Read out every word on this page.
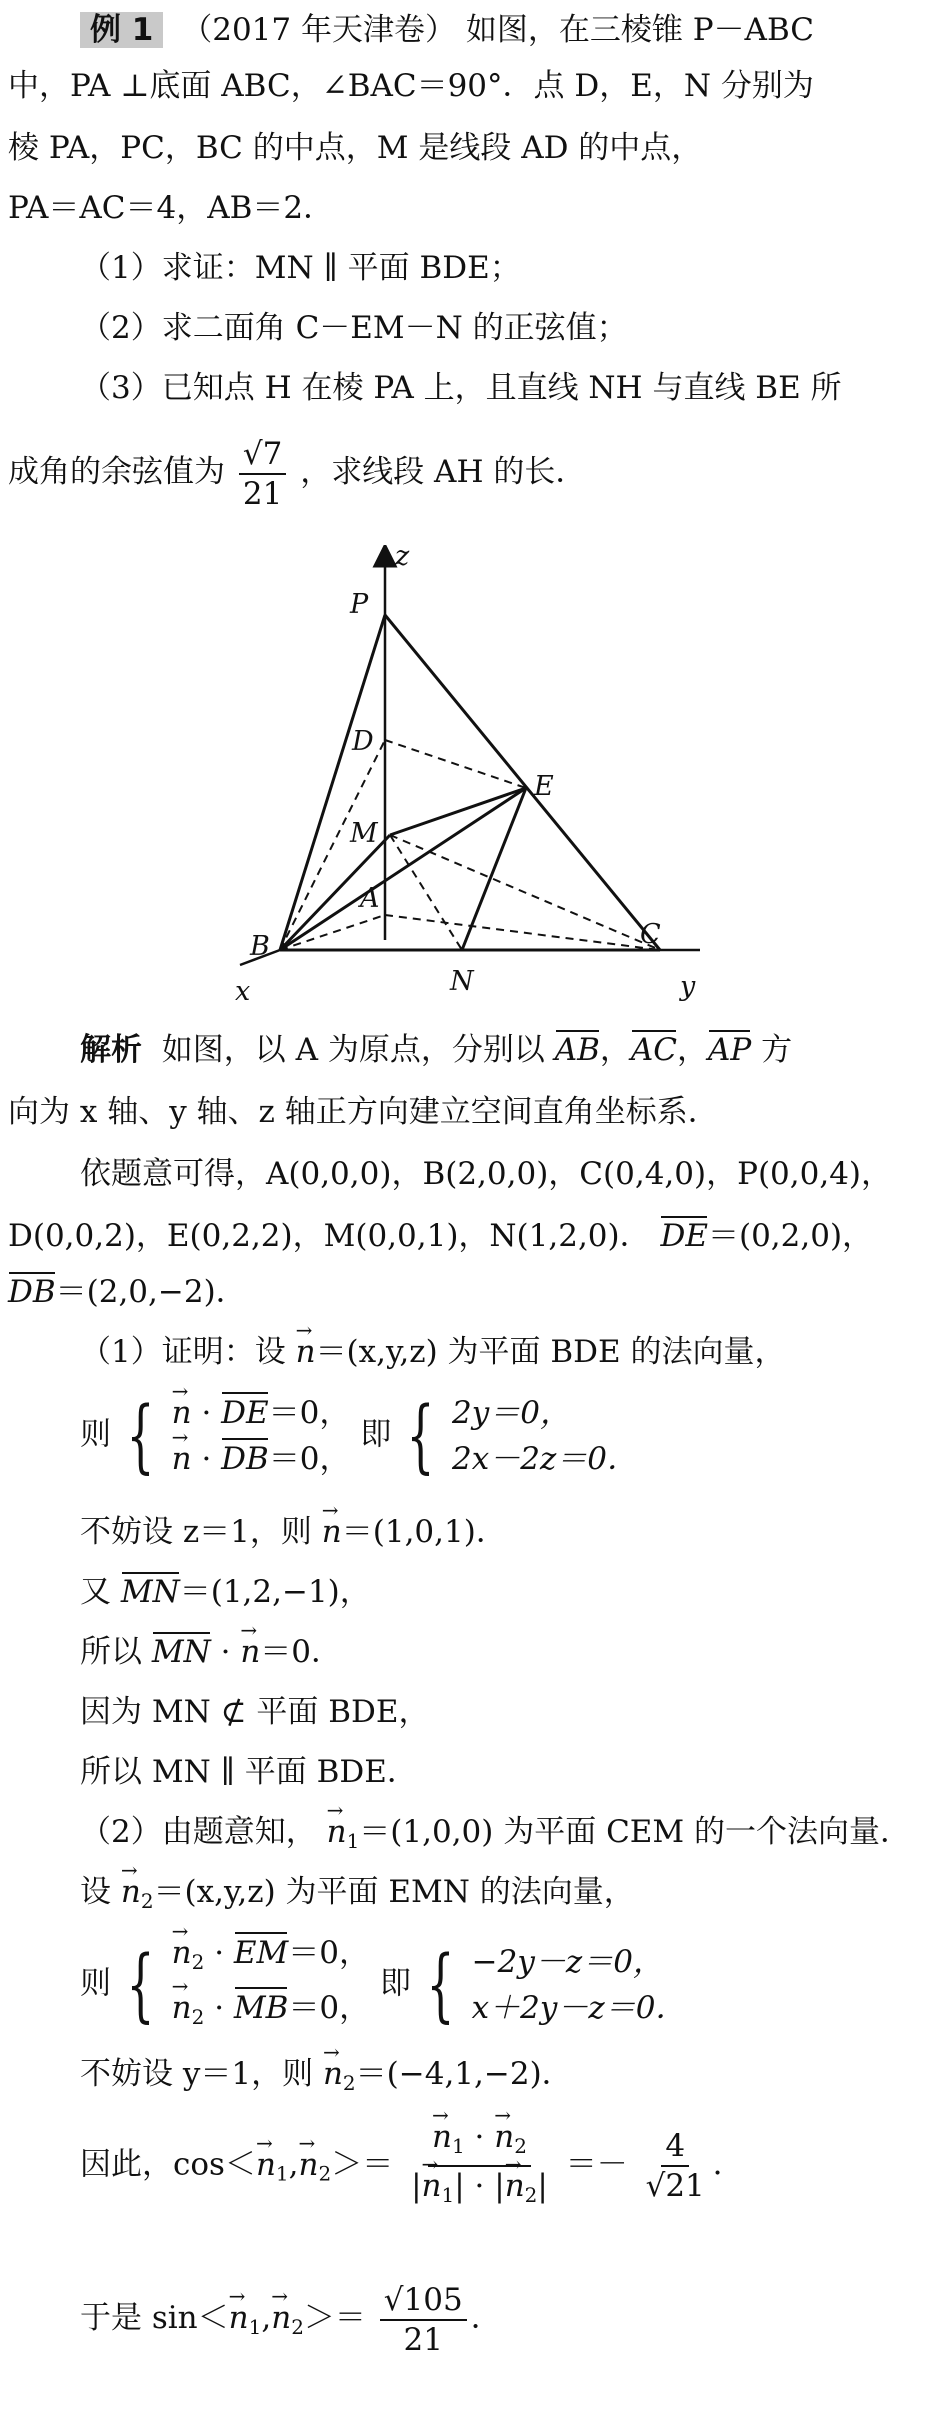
例 1 （2017 年天津卷） 如图，在三棱锥 P－ABC
中，PA ⊥底面 ABC，∠BAC＝90°．点 D，E，N 分别为
棱 PA，PC，BC 的中点，M 是线段 AD 的中点，
PA＝AC＝4，AB＝2．
（1）求证：MN ∥ 平面 BDE；
（2）求二面角 C－EM－N 的正弦值；
（3）已知点 H 在棱 PA 上，且直线 NH 与直线 BE 所
成角的余弦值为 $\frac{√7}{21}$ ，求线段 AH 的长．
z
P
D
E
M
A
B
N
C
x	y
解析 如图，以 A 为原点，分别以 AB，AC，AP 方
向为 x 轴、y 轴、z 轴正方向建立空间直角坐标系．
依题意可得，A(0,0,0)，B(2,0,0)，C(0,4,0)，P(0,0,4)，
D(0,0,2)，E(0,2,2)，M(0,0,1)，N(1,2,0)． DE＝(0,2,0)，
DB＝(2,0,−2)．
（1）证明：设 → n＝(x,y,z) 为平面 BDE 的法向量，
则 {
→ n · DE＝0，
→ n · DB＝0，
即 { 2y＝0，
2x－2z＝0．
不妨设 z＝1，则 → n＝(1,0,1)．
又 MN＝(1,2,−1)，
所以 MN · → n＝0．
因为 MN ⊄ 平面 BDE，
所以 MN ∥ 平面 BDE．
（2）由题意知， → $n_1=(1,0,0)$ 为平面 CEM 的一个法向量．
设 → $n_2=(x,y,z)$ 为平面 EMN 的法向量，
则 {
→ $n_2 \cdot EM=0$，
→ $n_2 \cdot MB=0$，
即 { −2y－z＝0，
x＋2y－z＝0．
不妨设 y＝1，则 → $n_2=(-4,1,-2)$．
因此，$\cos<\to n_1,\to n_2>=$
→ $\frac{n_1 \cdot \to n_2}{|\to n_1| \cdot |\to n_2|} =- \frac{4}{√21}$ ．
于是 $\sin<\to n_1,\to n_2>= \frac{√105}{21}$ ．
